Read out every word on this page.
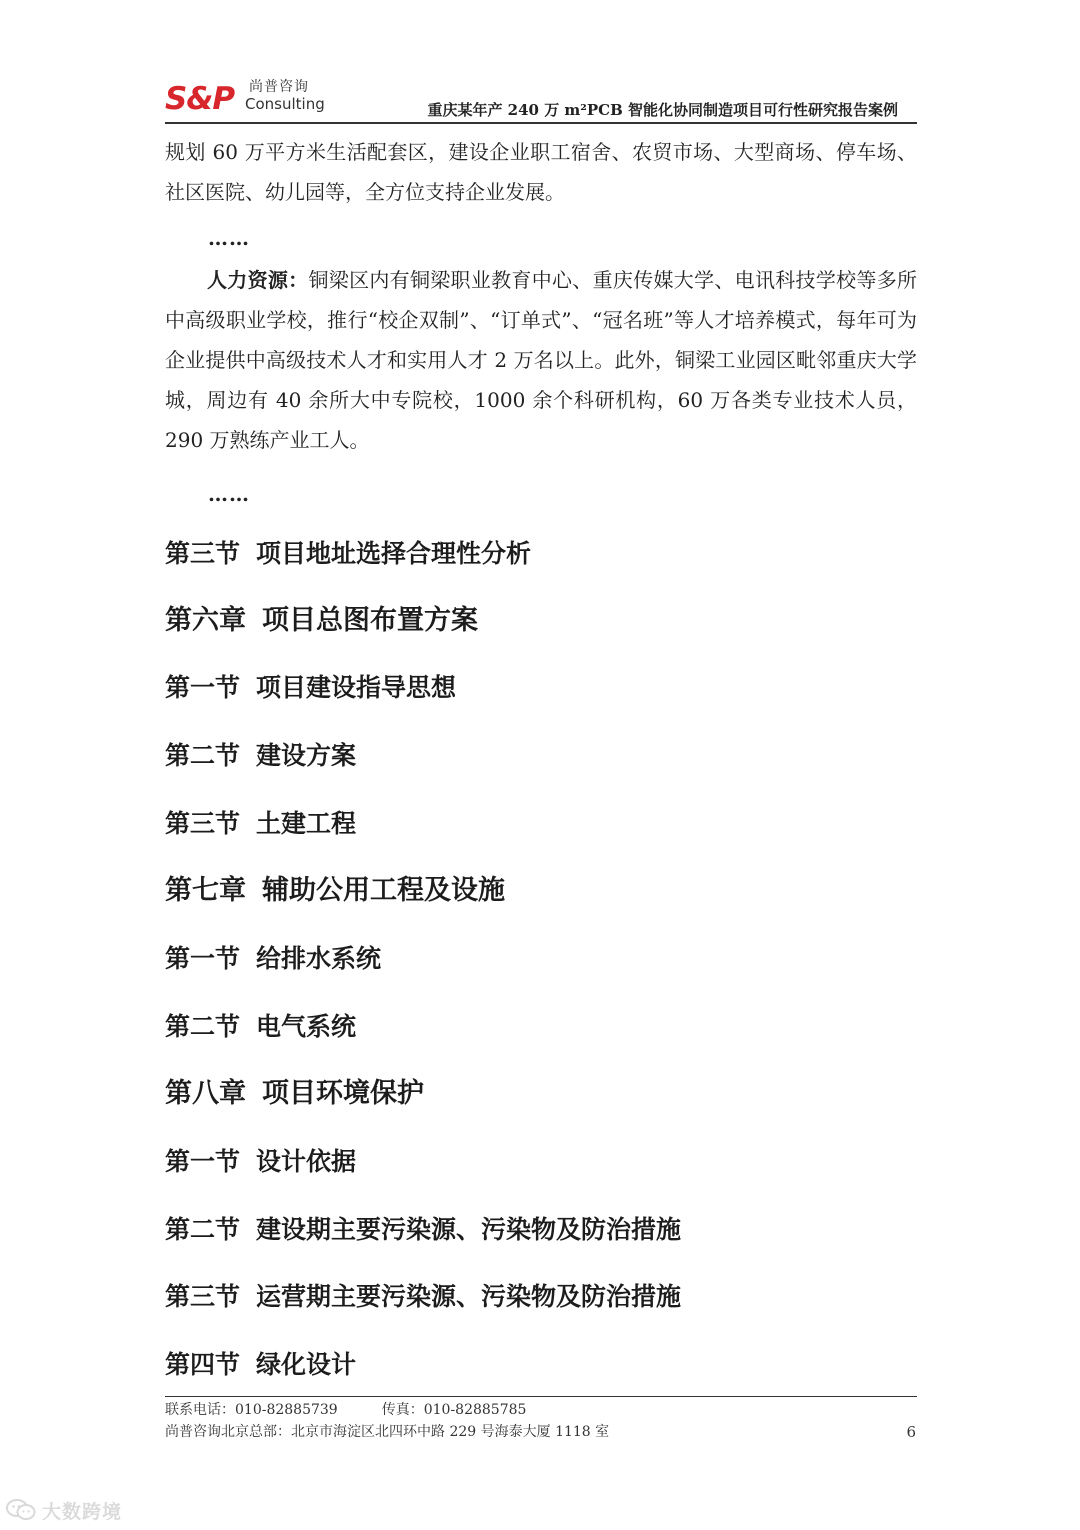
S&P 尚普咨询
Consulting	重庆某年产 240 万 m²PCB 智能化协同制造项目可行性研究报告案例
规划 60 万平方米生活配套区，建设企业职工宿舍、农贸市场、大型商场、停车场、社区医院、幼儿园等，全方位支持企业发展。
……
人力资源：铜梁区内有铜梁职业教育中心、重庆传媒大学、电讯科技学校等多所中高级职业学校，推行“校企双制”、“订单式”、“冠名班”等人才培养模式，每年可为企业提供中高级技术人才和实用人才 2 万名以上。此外，铜梁工业园区毗邻重庆大学城，周边有 40 余所大中专院校，1000 余个科研机构，60 万各类专业技术人员，290 万熟练产业工人。
……
第三节 项目地址选择合理性分析
第六章 项目总图布置方案
第一节 项目建设指导思想
第二节 建设方案
第三节 土建工程
第七章 辅助公用工程及设施
第一节 给排水系统
第二节 电气系统
第八章 项目环境保护
第一节 设计依据
第二节 建设期主要污染源、污染物及防治措施
第三节 运营期主要污染源、污染物及防治措施
第四节 绿化设计
联系电话：010-82885739	传真：010-82885785
尚普咨询北京总部：北京市海淀区北四环中路 229 号海泰大厦 1118 室	6
大数跨境
